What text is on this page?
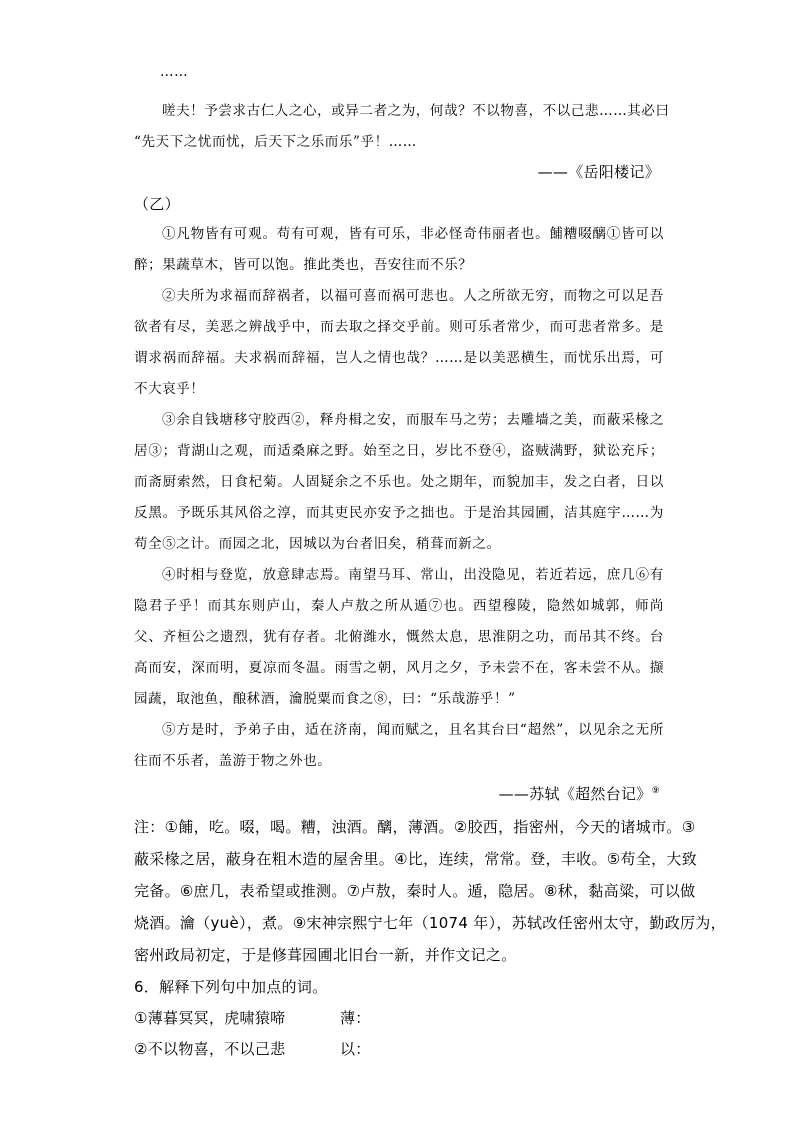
……
嗟夫！予尝求古仁人之心，或异二者之为，何哉？不以物喜，不以己悲……其必曰
“先天下之忧而忧，后天下之乐而乐”乎！……
——《岳阳楼记》
（乙）
①凡物皆有可观。苟有可观，皆有可乐，非必怪奇伟丽者也。餔糟啜醨①皆可以醉；果蔬草木，皆可以饱。推此类也，吾安往而不乐？
②夫所为求福而辞祸者，以福可喜而祸可悲也。人之所欲无穷，而物之可以足吾欲者有尽，美恶之辨战乎中，而去取之择交乎前。则可乐者常少，而可悲者常多。是谓求祸而辞福。夫求祸而辞福，岂人之情也哉？……是以美恶横生，而忧乐出焉，可不大哀乎！
③余自钱塘移守胶西②，释舟楫之安，而服车马之劳；去雕墙之美，而蔽采椽之居③；背湖山之观，而适桑麻之野。始至之日，岁比不登④，盗贼满野，狱讼充斥；而斋厨索然，日食杞菊。人固疑余之不乐也。处之期年，而貌加丰，发之白者，日以反黑。予既乐其风俗之淳，而其吏民亦安予之拙也。于是治其园圃，洁其庭宇……为苟全⑤之计。而园之北，因城以为台者旧矣，稍葺而新之。
④时相与登览，放意肆志焉。南望马耳、常山，出没隐见，若近若远，庶几⑥有隐君子乎！而其东则庐山，秦人卢敖之所从遁⑦也。西望穆陵，隐然如城郭，师尚父、齐桓公之遗烈，犹有存者。北俯潍水，慨然太息，思淮阴之功，而吊其不终。台高而安，深而明，夏凉而冬温。雨雪之朝，风月之夕，予未尝不在，客未尝不从。撷园蔬，取池鱼，酿秫酒，瀹脱粟而食之⑧，曰：“乐哉游乎！”
⑤方是时，予弟子由，适在济南，闻而赋之，且名其台曰“超然”，以见余之无所往而不乐者，盖游于物之外也。
——苏轼《超然台记》⑨
注：①餔，吃。啜，喝。糟，浊酒。醨，薄酒。②胶西，指密州，今天的诸城市。③
蔽采椽之居，蔽身在粗木造的屋舍里。④比，连续，常常。登，丰收。⑤苟全，大致
完备。⑥庶几，表希望或推测。⑦卢敖，秦时人。遁，隐居。⑧秫，黏高粱，可以做
烧酒。瀹（yuè），煮。⑨宋神宗熙宁七年（1074 年），苏轼改任密州太守，勤政厉为，
密州政局初定，于是修葺园圃北旧台一新，并作文记之。
6．解释下列句中加点的词。
①薄暮冥冥，虎啸猿啼	薄：
②不以物喜，不以己悲	以：
